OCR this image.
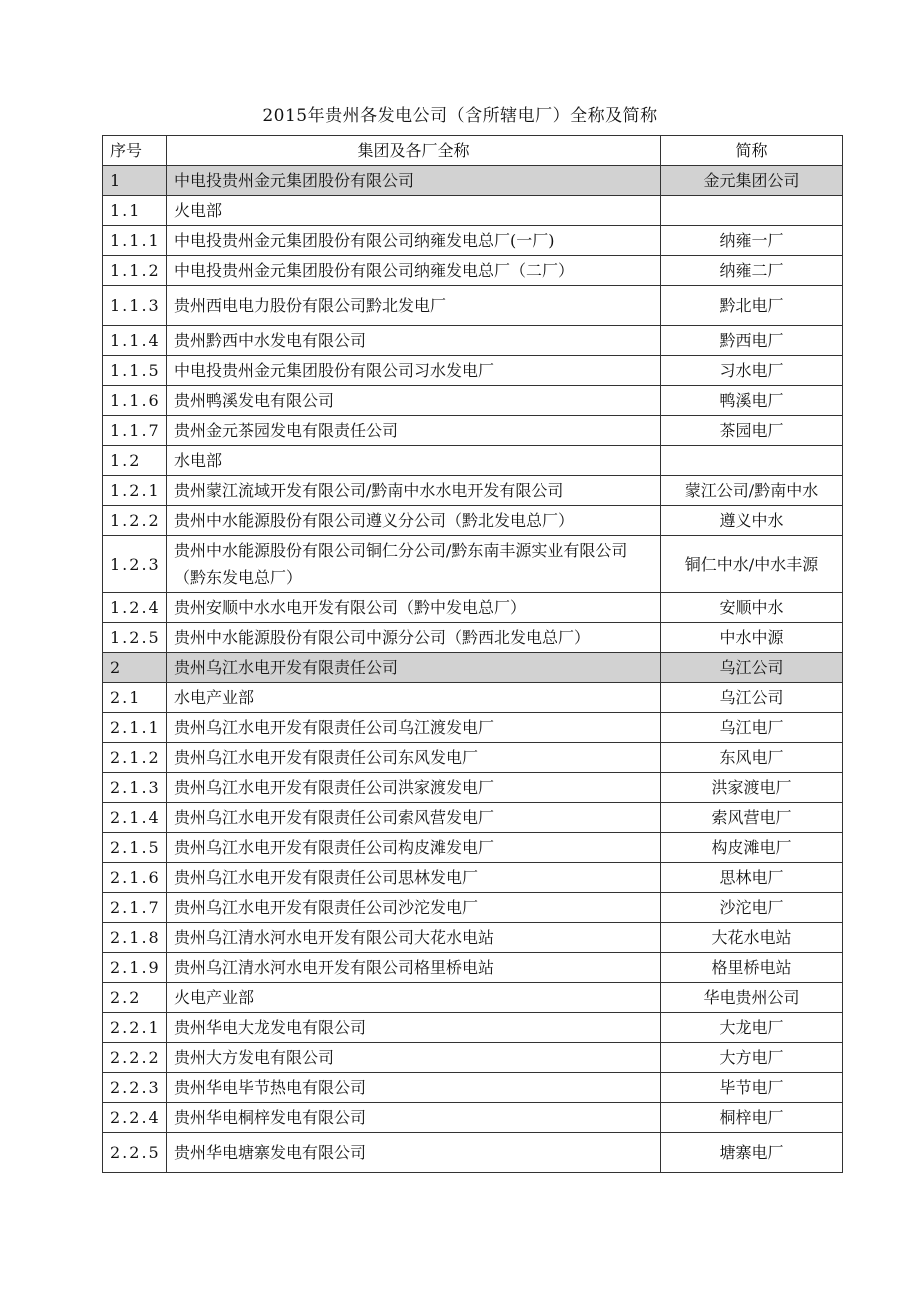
2015年贵州各发电公司（含所辖电厂）全称及简称
序号	集团及各厂全称	简称
1	中电投贵州金元集团股份有限公司	金元集团公司
1.1	火电部	
1.1.1	中电投贵州金元集团股份有限公司纳雍发电总厂(一厂)	纳雍一厂
1.1.2	中电投贵州金元集团股份有限公司纳雍发电总厂（二厂）	纳雍二厂
1.1.3	贵州西电电力股份有限公司黔北发电厂	黔北电厂
1.1.4	贵州黔西中水发电有限公司	黔西电厂
1.1.5	中电投贵州金元集团股份有限公司习水发电厂	习水电厂
1.1.6	贵州鸭溪发电有限公司	鸭溪电厂
1.1.7	贵州金元茶园发电有限责任公司	茶园电厂
1.2	水电部	
1.2.1	贵州蒙江流域开发有限公司/黔南中水水电开发有限公司	蒙江公司/黔南中水
1.2.2	贵州中水能源股份有限公司遵义分公司（黔北发电总厂）	遵义中水
1.2.3	贵州中水能源股份有限公司铜仁分公司/黔东南丰源实业有限公司（黔东发电总厂）	铜仁中水/中水丰源
1.2.4	贵州安顺中水水电开发有限公司（黔中发电总厂）	安顺中水
1.2.5	贵州中水能源股份有限公司中源分公司（黔西北发电总厂）	中水中源
2	贵州乌江水电开发有限责任公司	乌江公司
2.1	水电产业部	乌江公司
2.1.1	贵州乌江水电开发有限责任公司乌江渡发电厂	乌江电厂
2.1.2	贵州乌江水电开发有限责任公司东风发电厂	东风电厂
2.1.3	贵州乌江水电开发有限责任公司洪家渡发电厂	洪家渡电厂
2.1.4	贵州乌江水电开发有限责任公司索风营发电厂	索风营电厂
2.1.5	贵州乌江水电开发有限责任公司构皮滩发电厂	构皮滩电厂
2.1.6	贵州乌江水电开发有限责任公司思林发电厂	思林电厂
2.1.7	贵州乌江水电开发有限责任公司沙沱发电厂	沙沱电厂
2.1.8	贵州乌江清水河水电开发有限公司大花水电站	大花水电站
2.1.9	贵州乌江清水河水电开发有限公司格里桥电站	格里桥电站
2.2	火电产业部	华电贵州公司
2.2.1	贵州华电大龙发电有限公司	大龙电厂
2.2.2	贵州大方发电有限公司	大方电厂
2.2.3	贵州华电毕节热电有限公司	毕节电厂
2.2.4	贵州华电桐梓发电有限公司	桐梓电厂
2.2.5	贵州华电塘寨发电有限公司	塘寨电厂
